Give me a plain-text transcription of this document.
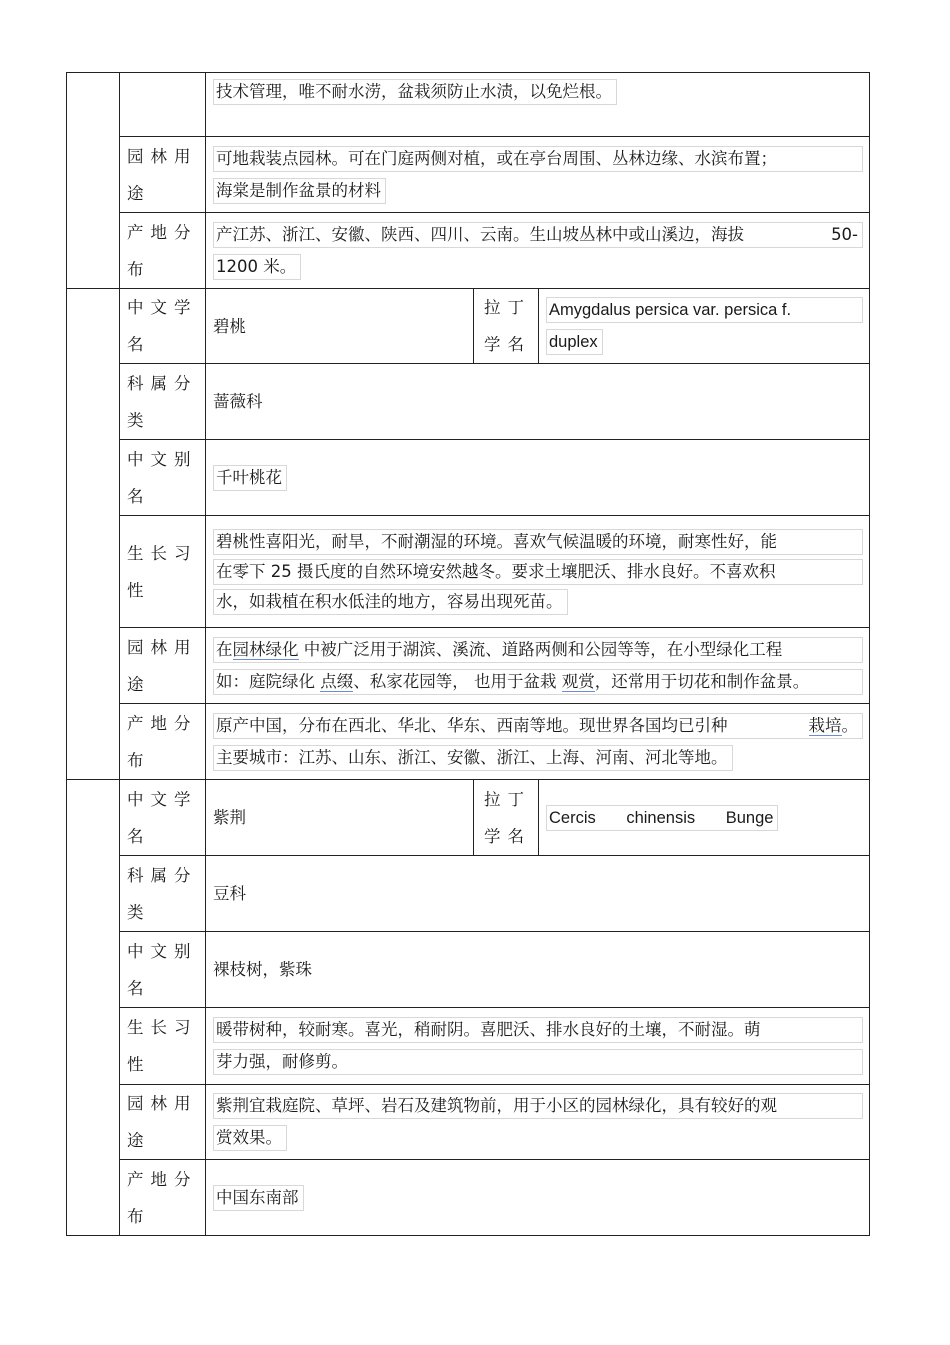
		技术管理，唯不耐水涝，盆栽须防止水渍，以免烂根。		

	园林用途	可地栽装点园林。可在门庭两侧对植，或在亭台周围、丛林边缘、水滨布置；
海棠是制作盆景的材料		

	产地分布	产江苏、浙江、安徽、陕西、四川、云南。生山坡丛林中或山溪边，海拔 50-
1200 米。		

	中文学名	碧桃	拉丁学名	Amygdalus persica var. persica f.
duplex

	科属分类	蔷薇科		
	中文别名	千叶桃花		

	生长习性	碧桃性喜阳光，耐旱，不耐潮湿的环境。喜欢气候温暖的环境，耐寒性好，能
在零下 25 摄氏度的自然环境安然越冬。要求土壤肥沃、排水良好。不喜欢积
水，如栽植在积水低洼的地方，容易出现死苗。		

	园林用途	在园林绿化 中被广泛用于湖滨、溪流、道路两侧和公园等等，在小型绿化工程
如：庭院绿化 点缀、私家花园等， 也用于盆栽 观赏，还常用于切花和制作盆景。		

	产地分布	原产中国，分布在西北、华北、华东、西南等地。现世界各国均已引种 栽培。
主要城市：江苏、山东、浙江、安徽、浙江、上海、河南、河北等地。		

	中文学名	紫荆	拉丁学名	Cercis chinensis Bunge

	科属分类	豆科		
	中文别名	裸枝树，紫珠		
	生长习性	暖带树种，较耐寒。喜光，稍耐阴。喜肥沃、排水良好的土壤，不耐湿。萌
芽力强，耐修剪。		

	园林用途	紫荆宜栽庭院、草坪、岩石及建筑物前，用于小区的园林绿化，具有较好的观
赏效果。		

	产地分布	中国东南部		
